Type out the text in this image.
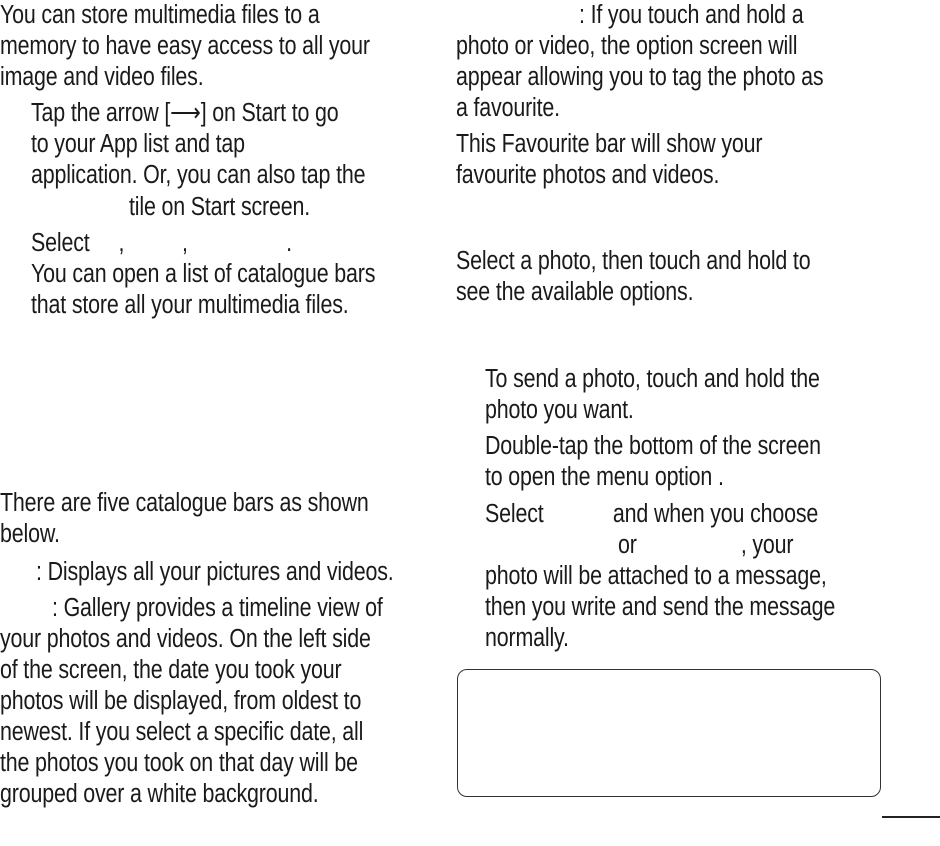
You can store multimedia files to a
memory to have easy access to all your
image and video files.
Tap the arrow [⟶] on Start to go
to your App list and tap
application. Or, you can also tap the
tile on Start screen.
Select     ,          ,                 .
You can open a list of catalogue bars
that store all your multimedia files.
There are five catalogue bars as shown
below.
: Displays all your pictures and videos.
: Gallery provides a timeline view of
your photos and videos. On the left side
of the screen, the date you took your
photos will be displayed, from oldest to
newest. If you select a specific date, all
the photos you took on that day will be
grouped over a white background.
: If you touch and hold a
photo or video, the option screen will
appear allowing you to tag the photo as
a favourite.
This Favourite bar will show your
favourite photos and videos.
Select a photo, then touch and hold to
see the available options.
To send a photo, touch and hold the
photo you want.
Double-tap the bottom of the screen
to open the menu option .
Select            and when you choose
or                  , your
photo will be attached to a message,
then you write and send the message
normally.
